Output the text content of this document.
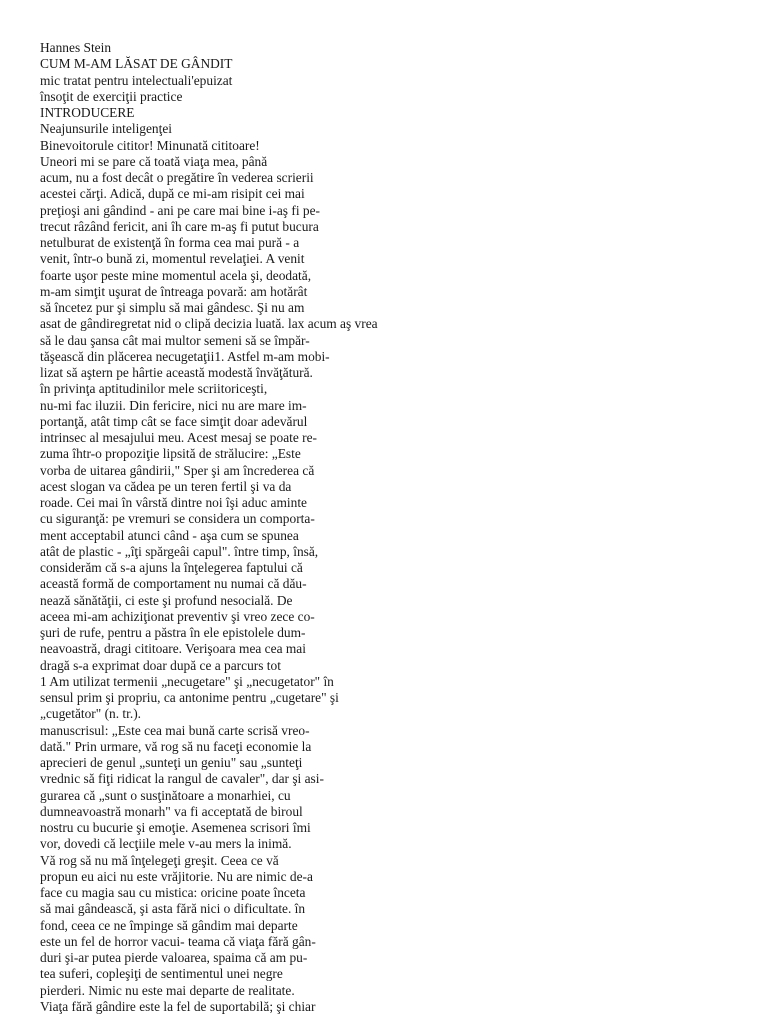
Hannes Stein
CUM M-AM LĂSAT DE GÂNDIT
mic tratat pentru intelectuali'epuizat
însoţit de exerciţii practice
INTRODUCERE
Neajunsurile inteligenţei
Binevoitorule cititor! Minunată cititoare!
Uneori mi se pare că toată viaţa mea, până
acum, nu a fost decât o pregătire în vederea scrierii
acestei cărţi. Adică, după ce mi-am risipit cei mai
preţioşi ani gândind - ani pe care mai bine i-aş fi pe-
trecut râzând fericit, ani îh care m-aş fi putut bucura
netulburat de existenţă în forma cea mai pură - a
venit, într-o bună zi, momentul revelaţiei. A venit
foarte uşor peste mine momentul acela şi, deodată,
m-am simţit uşurat de întreaga povară: am hotărât
să încetez pur şi simplu să mai gândesc. Şi nu am
asat de gândiregretat nid o clipă decizia luată. lax acum aş vrea
să le dau şansa cât mai multor semeni să se împăr-
tăşească din plăcerea necugetaţii1. Astfel m-am mobi-
lizat să aştern pe hârtie această modestă învăţătură.
în privinţa aptitudinilor mele scriitoriceşti,
nu-mi fac iluzii. Din fericire, nici nu are mare im-
portanţă, atât timp cât se face simţit doar adevărul
intrinsec al mesajului meu. Acest mesaj se poate re-
zuma îhtr-o propoziţie lipsită de strălucire: „Este
vorba de uitarea gândirii," Sper şi am încrederea că
acest slogan va cădea pe un teren fertil şi va da
roade. Cei mai în vârstă dintre noi îşi aduc aminte
cu siguranţă: pe vremuri se considera un comporta-
ment acceptabil atunci când - aşa cum se spunea
atât de plastic - „îţi spărgeâi capul". între timp, însă,
considerăm că s-a ajuns la înţelegerea faptului că
această formă de comportament nu numai că dău-
nează sănătăţii, ci este şi profund nesocială. De
aceea mi-am achiziţionat preventiv şi vreo zece co-
şuri de rufe, pentru a păstra în ele epistolele dum-
neavoastră, dragi cititoare. Verişoara mea cea mai
dragă s-a exprimat doar după ce a parcurs tot
1 Am utilizat termenii „necugetare" şi „necugetator" în
sensul prim şi propriu, ca antonime pentru „cugetare" şi
„cugetător" (n. tr.).
manuscrisul: „Este cea mai bună carte scrisă vreo-
dată." Prin urmare, vă rog să nu faceţi economie la
aprecieri de genul „sunteţi un geniu" sau „sunteţi
vrednic să fiţi ridicat la rangul de cavaler", dar şi asi-
gurarea că „sunt o susţinătoare a monarhiei, cu
dumneavoastră monarh" va fi acceptată de biroul
nostru cu bucurie şi emoţie. Asemenea scrisori îmi
vor, dovedi că lecţiile mele v-au mers la inimă.
Vă rog să nu mă înţelegeţi greşit. Ceea ce vă
propun eu aici nu este vrăjitorie. Nu are nimic de-a
face cu magia sau cu mistica: oricine poate înceta
să mai gândească, şi asta fără nici o dificultate. în
fond, ceea ce ne împinge să gândim mai departe
este un fel de horror vacui- teama că viaţa fără gân-
duri şi-ar putea pierde valoarea, spaima că am pu-
tea suferi, copleşiţi de sentimentul unei negre
pierderi. Nimic nu este mai departe de realitate.
Viaţa fără gândire este la fel de suportabilă; şi chiar
